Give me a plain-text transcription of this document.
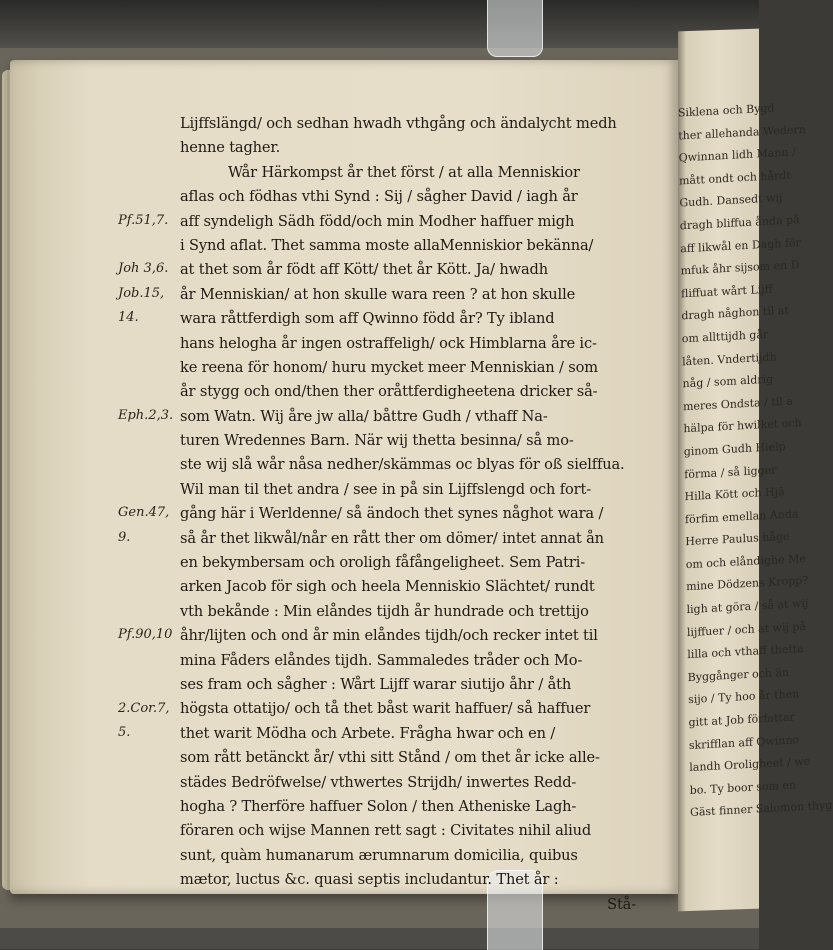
Siklena och Bygd
ther allehanda Wedern
Qwinnan lidh Mann /
mått ondt och hårdt
Gudh. Dansedt wij
dragh bliffua ånda på
aff likwål en Dagh för
mfuk åhr sijsom en D
fliffuat wårt Lijff
dragh någhon til at
om allttijdh går
låten. Vndertijdh
någ / som aldrig
meres Ondsta / til a
hälpa för hwilket och
ginom Gudh Hielp
förma / så ligger
Hilla Kött och Hjä
förfim emellan Anda
Herre Paulus håge
om och elåndighe Me
mine Dödzens Kropp?
ligh at göra / så at wij
lijffuer / och at wij på
lilla och vthaff thetta
Byggånger och än
sijo / Ty hoo år then
gitt at Job författar
skrifflan aff Qwinno
landh Oroligheet / we
bo. Ty boor som en
Gäst finner Salomon thyg
Lijffslängd/ och sedhan hwadh vthgång och ändalycht medh
henne tagher.
Wår Härkompst år thet först / at alla Menniskior
aflas och födhas vthi Synd : Sij / sågher David / iagh år
aff syndeligh Sädh född/och min Modher haffuer migh
i Synd aflat. Thet samma moste allaMenniskior bekänna/
at thet som år födt aff Kött/ thet år Kött. Ja/ hwadh
år Menniskian/ at hon skulle wara reen ? at hon skulle
wara råttferdigh som aff Qwinno född år? Ty ibland
hans helogha år ingen ostraffeligh/ ock Himblarna åre ic-
ke reena för honom/ huru mycket meer Menniskian / som
år stygg och ond/then ther oråttferdigheetena dricker så-
som Watn. Wij åre jw alla/ båttre Gudh / vthaff Na-
turen Wredennes Barn. När wij thetta besinna/ så mo-
ste wij slå wår nåsa nedher/skämmas oc blyas för oß sielffua.
Wil man til thet andra / see in på sin Lijffslengd och fort-
gång här i Werldenne/ så ändoch thet synes någhot wara /
så år thet likwål/når en rått ther om dömer/ intet annat ån
en bekymbersam och oroligh fåfångeligheet. Sem Patri-
arken Jacob för sigh och heela Menniskio Slächtet/ rundt
vth bekånde : Min elåndes tijdh år hundrade och trettijo
åhr/lijten och ond år min elåndes tijdh/och recker intet til
mina Fåders elåndes tijdh. Sammaledes tråder och Mo-
ses fram och sågher : Wårt Lijff warar siutijo åhr / åth
högsta ottatijo/ och tå thet båst warit haffuer/ så haffuer
thet warit Mödha och Arbete. Frågha hwar och en /
som rått betänckt år/ vthi sitt Stånd / om thet år icke alle-
städes Bedröfwelse/ vthwertes Strijdh/ inwertes Redd-
hogha ? Therföre haffuer Solon / then Atheniske Lagh-
föraren och wijse Mannen rett sagt : Civitates nihil aliud
sunt, quàm humanarum ærumnarum domicilia, quibus
mætor, luctus &c. quasi septis includantur. Thet år :
Stå-
Pf.51,7.
Joh 3,6.
Job.15,
14.
Eph.2,3.
Gen.47,
9.
Pf.90,10
2.Cor.7,
5.
